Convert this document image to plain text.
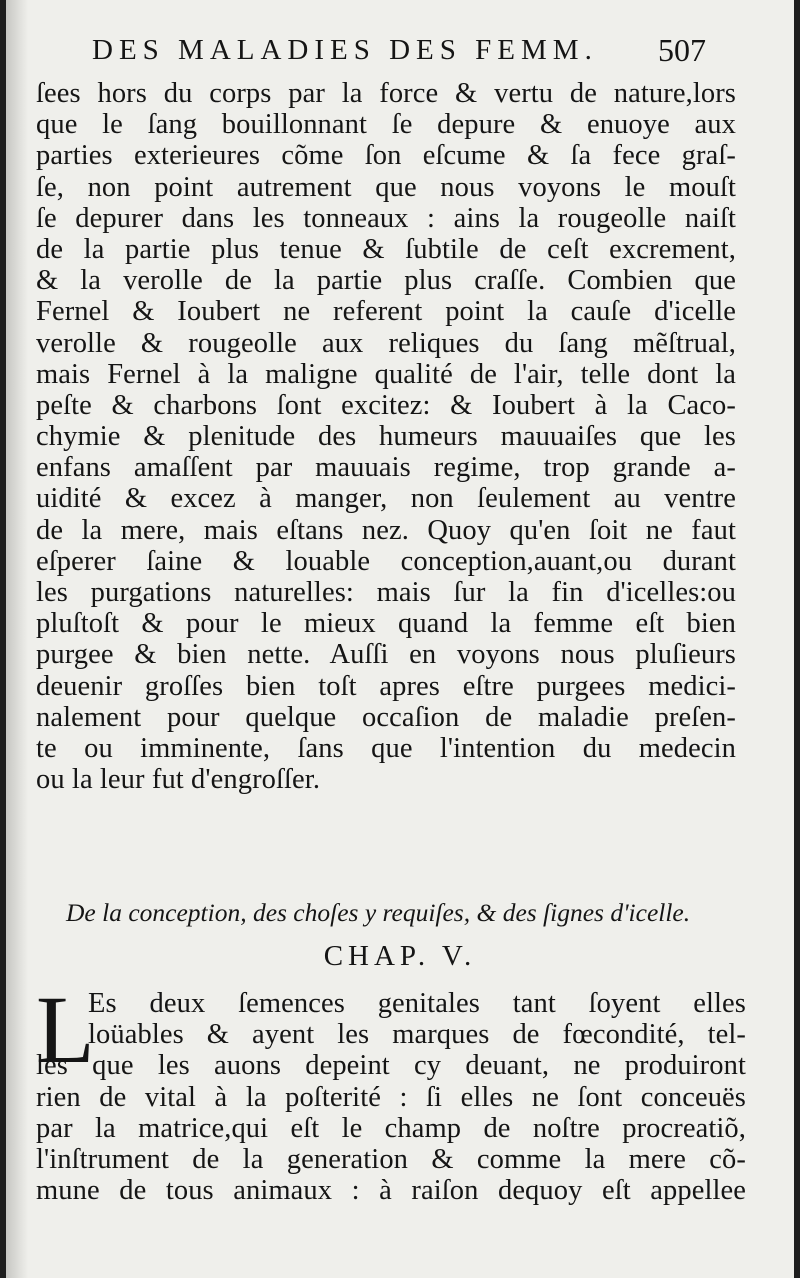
DES MALADIES DES FEMM. 507
ſees hors du corps par la force & vertu de nature,lors
que le ſang bouillonnant ſe depure & enuoye aux
parties exterieures cõme ſon eſcume & ſa fece graſ-
ſe, non point autrement que nous voyons le mouſt
ſe depurer dans les tonneaux : ains la rougeolle naiſt
de la partie plus tenue & ſubtile de ceſt excrement,
& la verolle de la partie plus craſſe. Combien que
Fernel & Ioubert ne referent point la cauſe d'icelle
verolle & rougeolle aux reliques du ſang mẽſtrual,
mais Fernel à la maligne qualité de l'air, telle dont la
peſte & charbons ſont excitez: & Ioubert à la Caco-
chymie & plenitude des humeurs mauuaiſes que les
enfans amaſſent par mauuais regime, trop grande a-
uidité & excez à manger, non ſeulement au ventre
de la mere, mais eſtans nez. Quoy qu'en ſoit ne faut
eſperer ſaine & louable conception,auant,ou durant
les purgations naturelles: mais ſur la fin d'icelles:ou
pluſtoſt & pour le mieux quand la femme eſt bien
purgee & bien nette. Auſſi en voyons nous pluſieurs
deuenir groſſes bien toſt apres eſtre purgees medici-
nalement pour quelque occaſion de maladie preſen-
te ou imminente, ſans que l'intention du medecin
ou la leur fut d'engroſſer.
De la conception, des choſes y requiſes, & des ſignes d'icelle.
CHAP. V.
L
Es deux ſemences genitales tant ſoyent elles
loüables & ayent les marques de fœcondité, tel-
les que les auons depeint cy deuant, ne produiront
rien de vital à la poſterité : ſi elles ne ſont conceuës
par la matrice,qui eſt le champ de noſtre procreatiõ,
l'inſtrument de la generation & comme la mere cõ-
mune de tous animaux : à raiſon dequoy eſt appellee
